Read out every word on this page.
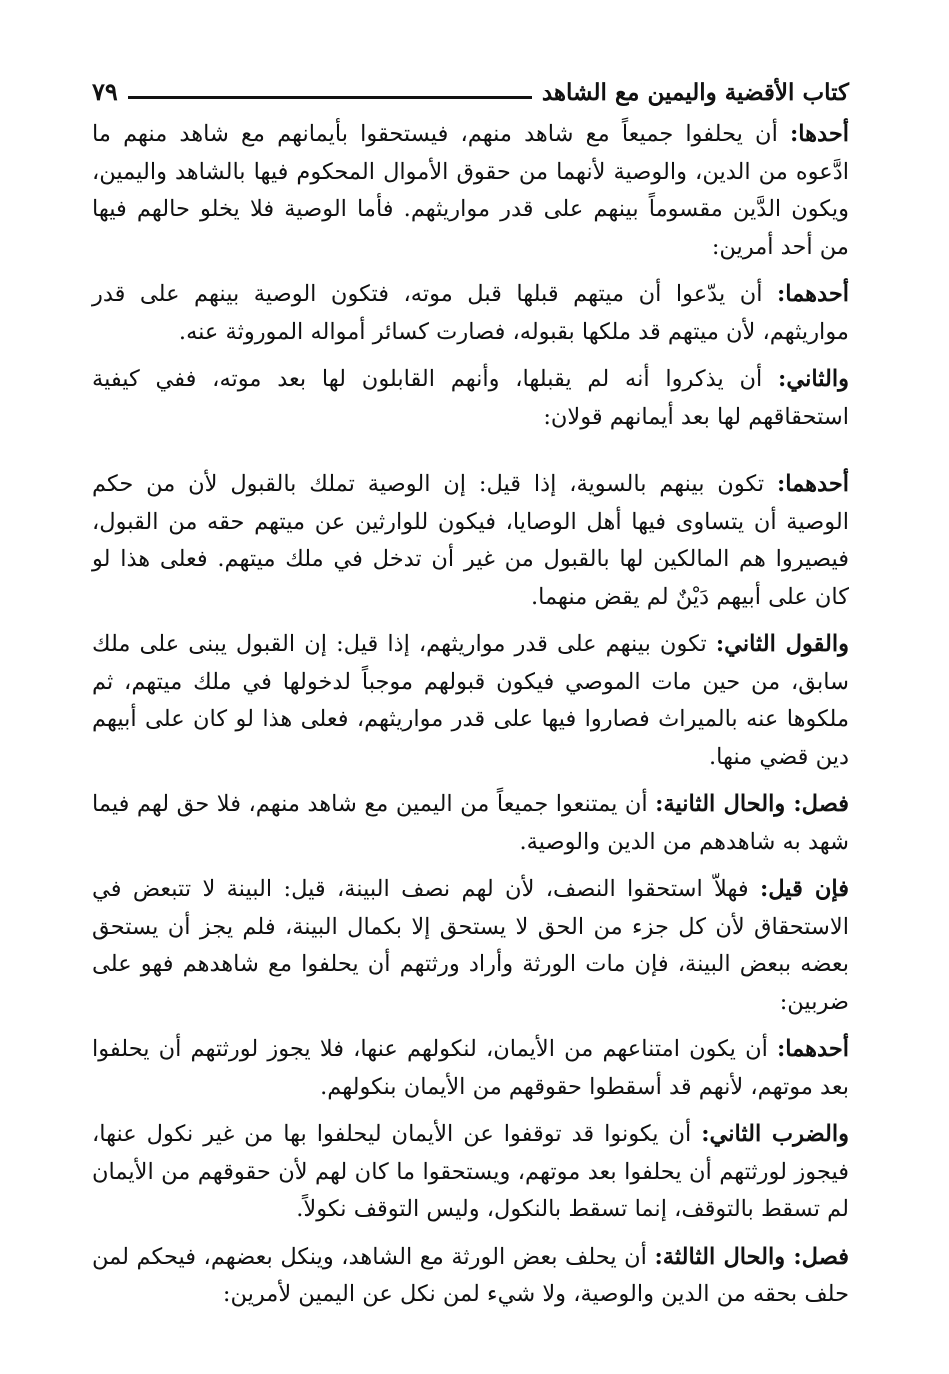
كتاب الأقضية واليمين مع الشاهد
٧٩

أحدها: أن يحلفوا جميعاً مع شاهد منهم، فيستحقوا بأيمانهم مع شاهد منهم ما ادَّعوه من الدين، والوصية لأنهما من حقوق الأموال المحكوم فيها بالشاهد واليمين، ويكون الدَّين مقسوماً بينهم على قدر مواريثهم. فأما الوصية فلا يخلو حالهم فيها من أحد أمرين:

أحدهما: أن يدّعوا أن ميتهم قبلها قبل موته، فتكون الوصية بينهم على قدر مواريثهم، لأن ميتهم قد ملكها بقبوله، فصارت كسائر أمواله الموروثة عنه.

والثاني: أن يذكروا أنه لم يقبلها، وأنهم القابلون لها بعد موته، ففي كيفية استحقاقهم لها بعد أيمانهم قولان:

أحدهما: تكون بينهم بالسوية، إذا قيل: إن الوصية تملك بالقبول لأن من حكم الوصية أن يتساوى فيها أهل الوصايا، فيكون للوارثين عن ميتهم حقه من القبول، فيصيروا هم المالكين لها بالقبول من غير أن تدخل في ملك ميتهم. فعلى هذا لو كان على أبيهم دَيْنٌ لم يقض منهما.

والقول الثاني: تكون بينهم على قدر مواريثهم، إذا قيل: إن القبول يبنى على ملك سابق، من حين مات الموصي فيكون قبولهم موجباً لدخولها في ملك ميتهم، ثم ملكوها عنه بالميراث فصاروا فيها على قدر مواريثهم، فعلى هذا لو كان على أبيهم دين قضي منها.

فصل: والحال الثانية: أن يمتنعوا جميعاً من اليمين مع شاهد منهم، فلا حق لهم فيما شهد به شاهدهم من الدين والوصية.

فإن قيل: فهلاّ استحقوا النصف، لأن لهم نصف البينة، قيل: البينة لا تتبعض في الاستحقاق لأن كل جزء من الحق لا يستحق إلا بكمال البينة، فلم يجز أن يستحق بعضه ببعض البينة، فإن مات الورثة وأراد ورثتهم أن يحلفوا مع شاهدهم فهو على ضربين:

أحدهما: أن يكون امتناعهم من الأيمان، لنكولهم عنها، فلا يجوز لورثتهم أن يحلفوا بعد موتهم، لأنهم قد أسقطوا حقوقهم من الأيمان بنكولهم.

والضرب الثاني: أن يكونوا قد توقفوا عن الأيمان ليحلفوا بها من غير نكول عنها، فيجوز لورثتهم أن يحلفوا بعد موتهم، ويستحقوا ما كان لهم لأن حقوقهم من الأيمان لم تسقط بالتوقف، إنما تسقط بالنكول، وليس التوقف نكولاً.

فصل: والحال الثالثة: أن يحلف بعض الورثة مع الشاهد، وينكل بعضهم، فيحكم لمن حلف بحقه من الدين والوصية، ولا شيء لمن نكل عن اليمين لأمرين:
